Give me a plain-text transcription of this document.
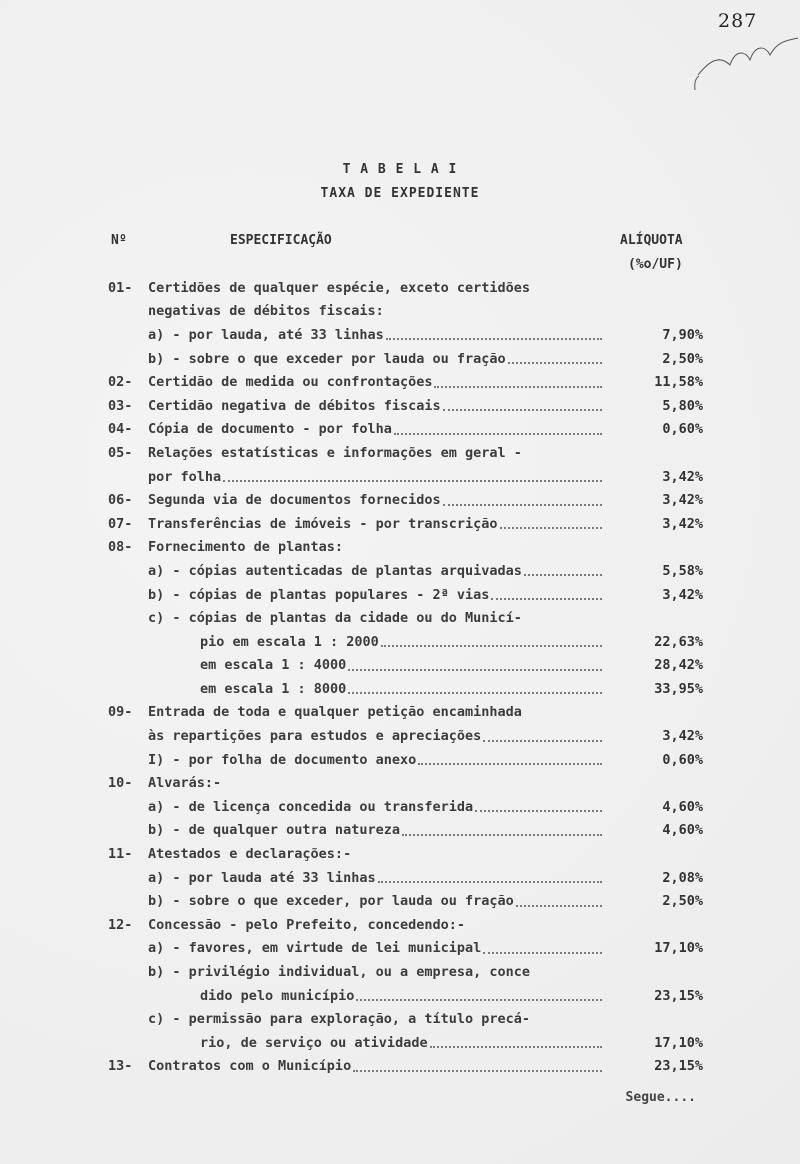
287
T A B E L A I
TAXA DE EXPEDIENTE
Nº	ESPECIFICAÇÃO	ALÍQUOTA
(%o/UF)
01-	Certidões de qualquer espécie, exceto certidões
negativas de débitos fiscais:
a) - por lauda, até 33 linhas	7,90%
b) - sobre o que exceder por lauda ou fração	2,50%
02-	Certidão de medida ou confrontações	11,58%
03-	Certidão negativa de débitos fiscais	5,80%
04-	Cópia de documento - por folha	0,60%
05-	Relações estatísticas e informações em geral -
por folha	3,42%
06-	Segunda via de documentos fornecidos	3,42%
07-	Transferências de imóveis - por transcrição	3,42%
08-	Fornecimento de plantas:
a) - cópias autenticadas de plantas arquivadas	5,58%
b) - cópias de plantas populares - 2ª vias	3,42%
c) - cópias de plantas da cidade ou do Municí-
pio em escala 1 : 2000	22,63%
em escala 1 : 4000	28,42%
em escala 1 : 8000	33,95%
09-	Entrada de toda e qualquer petição encaminhada
às repartições para estudos e apreciações	3,42%
I) - por folha de documento anexo	0,60%
10-	Alvarás:-
a) - de licença concedida ou transferida	4,60%
b) - de qualquer outra natureza	4,60%
11-	Atestados e declarações:-
a) - por lauda até 33 linhas	2,08%
b) - sobre o que exceder, por lauda ou fração	2,50%
12-	Concessão - pelo Prefeito, concedendo:-
a) - favores, em virtude de lei municipal	17,10%
b) - privilégio individual, ou a empresa, conce
dido pelo município	23,15%
c) - permissão para exploração, a título precá-
rio, de serviço ou atividade	17,10%
13-	Contratos com o Município	23,15%
Segue....
